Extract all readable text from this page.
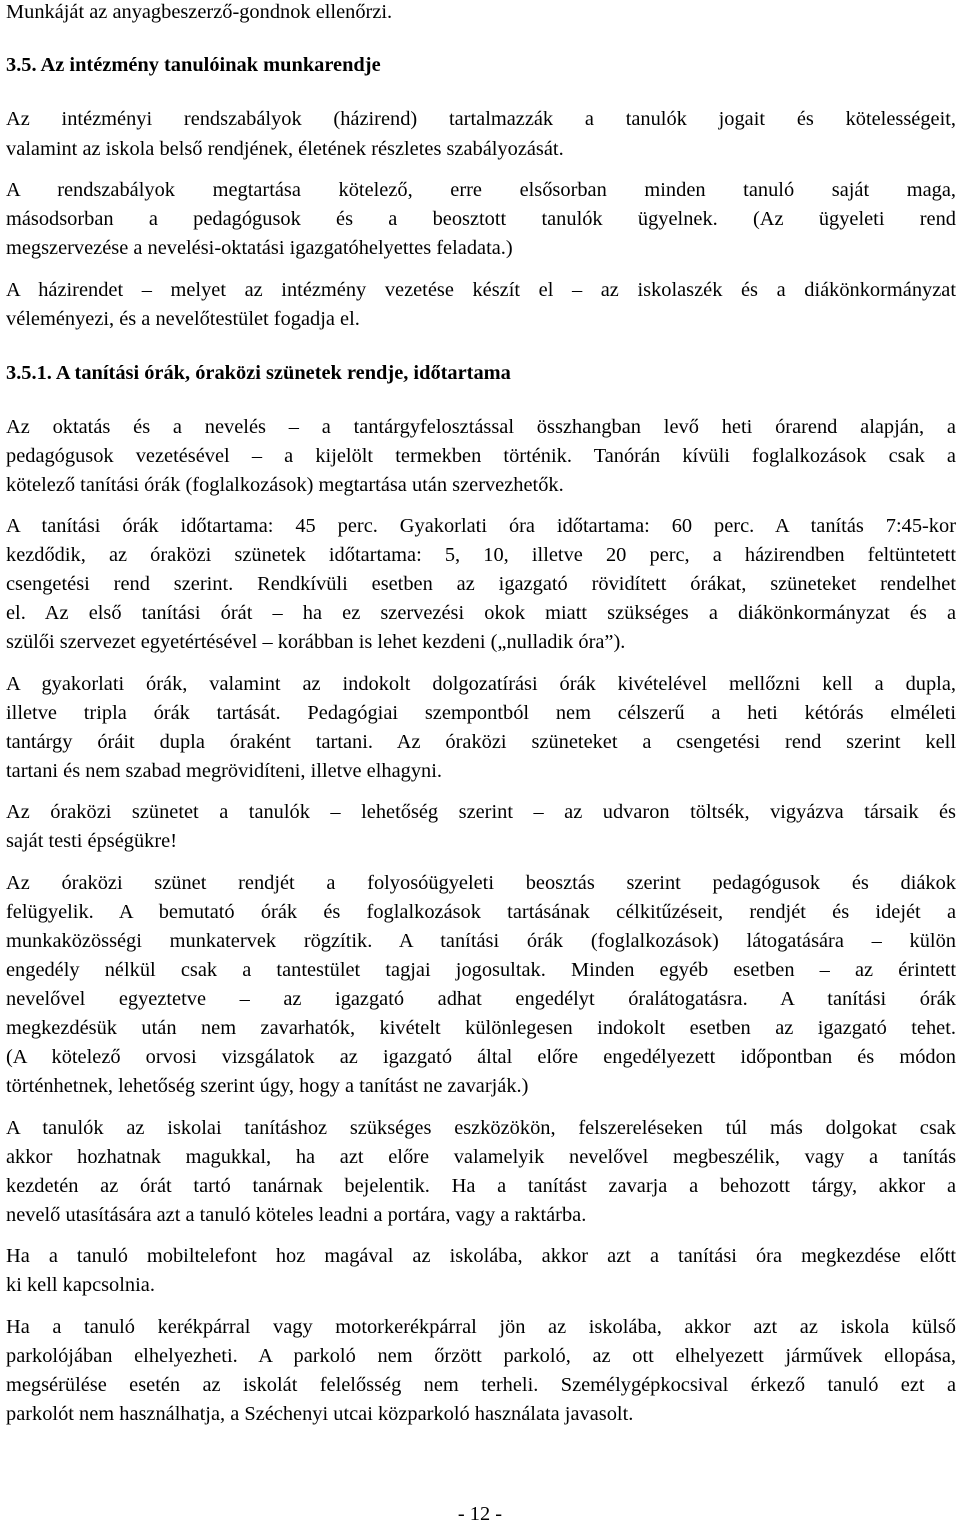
Munkáját az anyagbeszerző-gondnok ellenőrzi.
3.5. Az intézmény tanulóinak munkarendje
Az intézményi rendszabályok (házirend) tartalmazzák a tanulók jogait és kötelességeit,
valamint az iskola belső rendjének, életének részletes szabályozását.
A rendszabályok megtartása kötelező, erre elsősorban minden tanuló saját maga,
másodsorban a pedagógusok és a beosztott tanulók ügyelnek. (Az ügyeleti rend
megszervezése a nevelési-oktatási igazgatóhelyettes feladata.)
A házirendet – melyet az intézmény vezetése készít el – az iskolaszék és a diákönkormányzat
véleményezi, és a nevelőtestület fogadja el.
3.5.1. A tanítási órák, óraközi szünetek rendje, időtartama
Az oktatás és a nevelés – a tantárgyfelosztással összhangban levő heti órarend alapján, a
pedagógusok vezetésével – a kijelölt termekben történik. Tanórán kívüli foglalkozások csak a
kötelező tanítási órák (foglalkozások) megtartása után szervezhetők.
A tanítási órák időtartama: 45 perc. Gyakorlati óra időtartama: 60 perc. A tanítás 7:45-kor
kezdődik, az óraközi szünetek időtartama: 5, 10, illetve 20 perc, a házirendben feltüntetett
csengetési rend szerint. Rendkívüli esetben az igazgató rövidített órákat, szüneteket rendelhet
el. Az első tanítási órát – ha ez szervezési okok miatt szükséges a diákönkormányzat és a
szülői szervezet egyetértésével – korábban is lehet kezdeni („nulladik óra”).
A gyakorlati órák, valamint az indokolt dolgozatírási órák kivételével mellőzni kell a dupla,
illetve tripla órák tartását. Pedagógiai szempontból nem célszerű a heti kétórás elméleti
tantárgy óráit dupla óraként tartani. Az óraközi szüneteket a csengetési rend szerint kell
tartani és nem szabad megrövidíteni, illetve elhagyni.
Az óraközi szünetet a tanulók – lehetőség szerint – az udvaron töltsék, vigyázva társaik és
saját testi épségükre!
Az óraközi szünet rendjét a folyosóügyeleti beosztás szerint pedagógusok és diákok
felügyelik. A bemutató órák és foglalkozások tartásának célkitűzéseit, rendjét és idejét a
munkaközösségi munkatervek rögzítik. A tanítási órák (foglalkozások) látogatására – külön
engedély nélkül csak a tantestület tagjai jogosultak. Minden egyéb esetben – az érintett
nevelővel egyeztetve – az igazgató adhat engedélyt óralátogatásra. A tanítási órák
megkezdésük után nem zavarhatók, kivételt különlegesen indokolt esetben az igazgató tehet.
(A kötelező orvosi vizsgálatok az igazgató által előre engedélyezett időpontban és módon
történhetnek, lehetőség szerint úgy, hogy a tanítást ne zavarják.)
A tanulók az iskolai tanításhoz szükséges eszközökön, felszereléseken túl más dolgokat csak
akkor hozhatnak magukkal, ha azt előre valamelyik nevelővel megbeszélik, vagy a tanítás
kezdetén az órát tartó tanárnak bejelentik. Ha a tanítást zavarja a behozott tárgy, akkor a
nevelő utasítására azt a tanuló köteles leadni a portára, vagy a raktárba.
Ha a tanuló mobiltelefont hoz magával az iskolába, akkor azt a tanítási óra megkezdése előtt
ki kell kapcsolnia.
Ha a tanuló kerékpárral vagy motorkerékpárral jön az iskolába, akkor azt az iskola külső
parkolójában elhelyezheti. A parkoló nem őrzött parkoló, az ott elhelyezett járművek ellopása,
megsérülése esetén az iskolát felelősség nem terheli. Személygépkocsival érkező tanuló ezt a
parkolót nem használhatja, a Széchenyi utcai közparkoló használata javasolt.
- 12 -
